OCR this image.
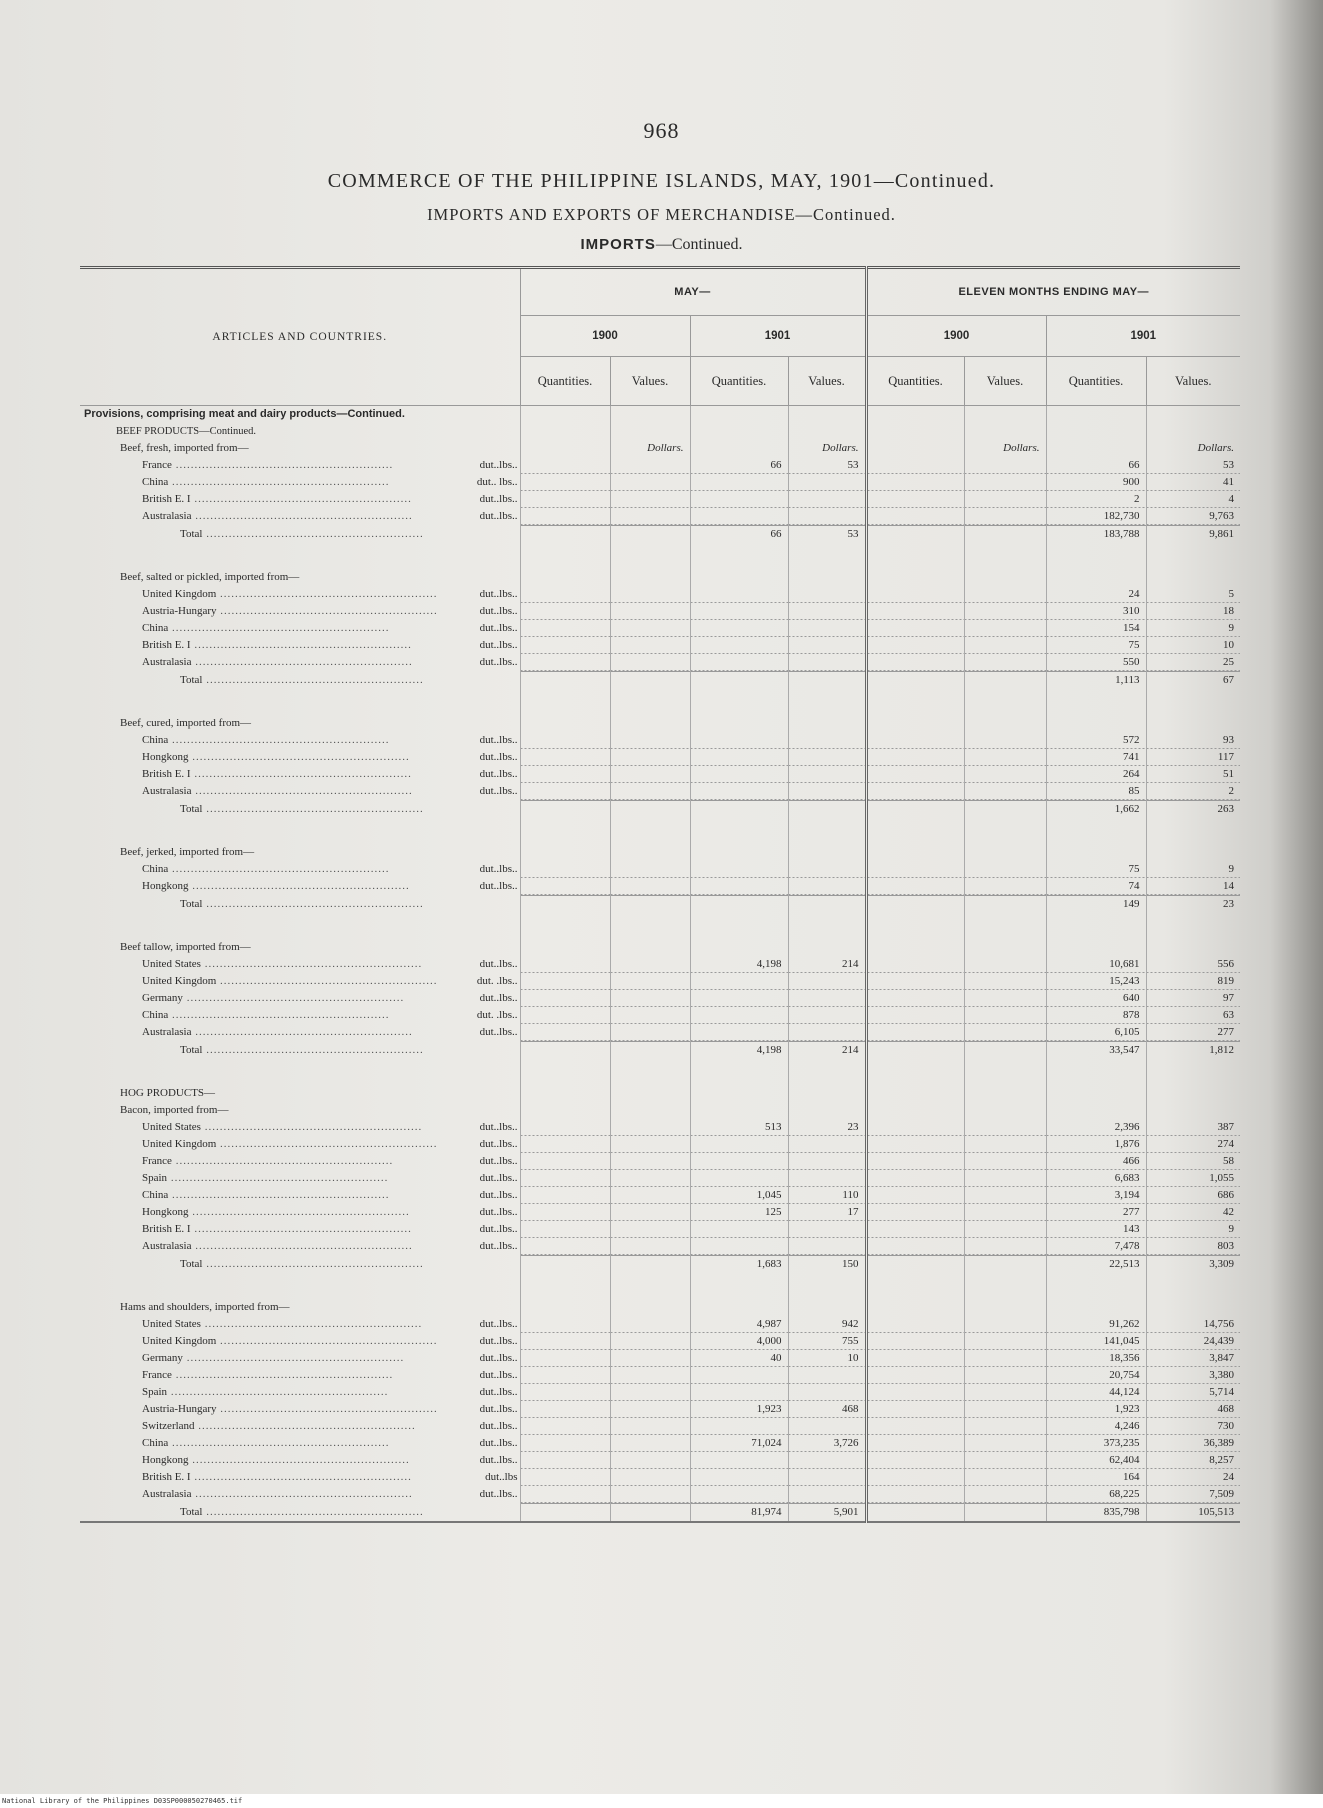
968
COMMERCE OF THE PHILIPPINE ISLANDS, MAY, 1901—Continued.
IMPORTS AND EXPORTS OF MERCHANDISE—Continued.
IMPORTS—Continued.
ARTICLES AND COUNTRIES.	MAY—				ELEVEN MONTHS ENDING MAY—			
	1900		1901		1900		1901	
	Quantities.	Values.	Quantities.	Values.	Quantities.	Values.	Quantities.	Values.
Provisions, comprising meat and dairy products—Continued.								
BEEF PRODUCTS—Continued.								
Beef, fresh, imported from—		Dollars.		Dollars.		Dollars.		Dollars.
France .......................................................... dut..lbs..			66	53			66	53
China .......................................................... dut.. lbs..							900	41
British E. I .......................................................... dut..lbs..							2	4
Australasia .......................................................... dut..lbs..							182,730	9,763
Total ..........................................................			66	53			183,788	9,861

Beef, salted or pickled, imported from—								
United Kingdom .......................................................... dut..lbs..							24	5
Austria-Hungary .......................................................... dut..lbs..							310	18
China .......................................................... dut..lbs..							154	9
British E. I .......................................................... dut..lbs..							75	10
Australasia .......................................................... dut..lbs..							550	25
Total ..........................................................							1,113	67

Beef, cured, imported from—								
China .......................................................... dut..lbs..							572	93
Hongkong .......................................................... dut..lbs..							741	117
British E. I .......................................................... dut..lbs..							264	51
Australasia .......................................................... dut..lbs..							85	2
Total ..........................................................							1,662	263

Beef, jerked, imported from—								
China .......................................................... dut..lbs..							75	9
Hongkong .......................................................... dut..lbs..							74	14
Total ..........................................................							149	23

Beef tallow, imported from—								
United States .......................................................... dut..lbs..			4,198	214			10,681	556
United Kingdom .......................................................... dut. .lbs..							15,243	819
Germany .......................................................... dut..lbs..							640	97
China .......................................................... dut. .lbs..							878	63
Australasia .......................................................... dut..lbs..							6,105	277
Total ..........................................................			4,198	214			33,547	1,812

HOG PRODUCTS—								
Bacon, imported from—								
United States .......................................................... dut..lbs..			513	23			2,396	387
United Kingdom .......................................................... dut..lbs..							1,876	274
France .......................................................... dut..lbs..							466	58
Spain .......................................................... dut..lbs..							6,683	1,055
China .......................................................... dut..lbs..			1,045	110			3,194	686
Hongkong .......................................................... dut..lbs..			125	17			277	42
British E. I .......................................................... dut..lbs..							143	9
Australasia .......................................................... dut..lbs..							7,478	803
Total ..........................................................			1,683	150			22,513	3,309

Hams and shoulders, imported from—								
United States .......................................................... dut..lbs..			4,987	942			91,262	14,756
United Kingdom .......................................................... dut..lbs..			4,000	755			141,045	24,439
Germany .......................................................... dut..lbs..			40	10			18,356	3,847
France .......................................................... dut..lbs..							20,754	3,380
Spain .......................................................... dut..lbs..							44,124	5,714
Austria-Hungary .......................................................... dut..lbs..			1,923	468			1,923	468
Switzerland .......................................................... dut..lbs..							4,246	730
China .......................................................... dut..lbs..			71,024	3,726			373,235	36,389
Hongkong .......................................................... dut..lbs..							62,404	8,257
British E. I .......................................................... dut..lbs							164	24
Australasia .......................................................... dut..lbs..							68,225	7,509
Total ..........................................................			81,974	5,901			835,798	105,513
National Library of the Philippines D03SP000050270465.tif
